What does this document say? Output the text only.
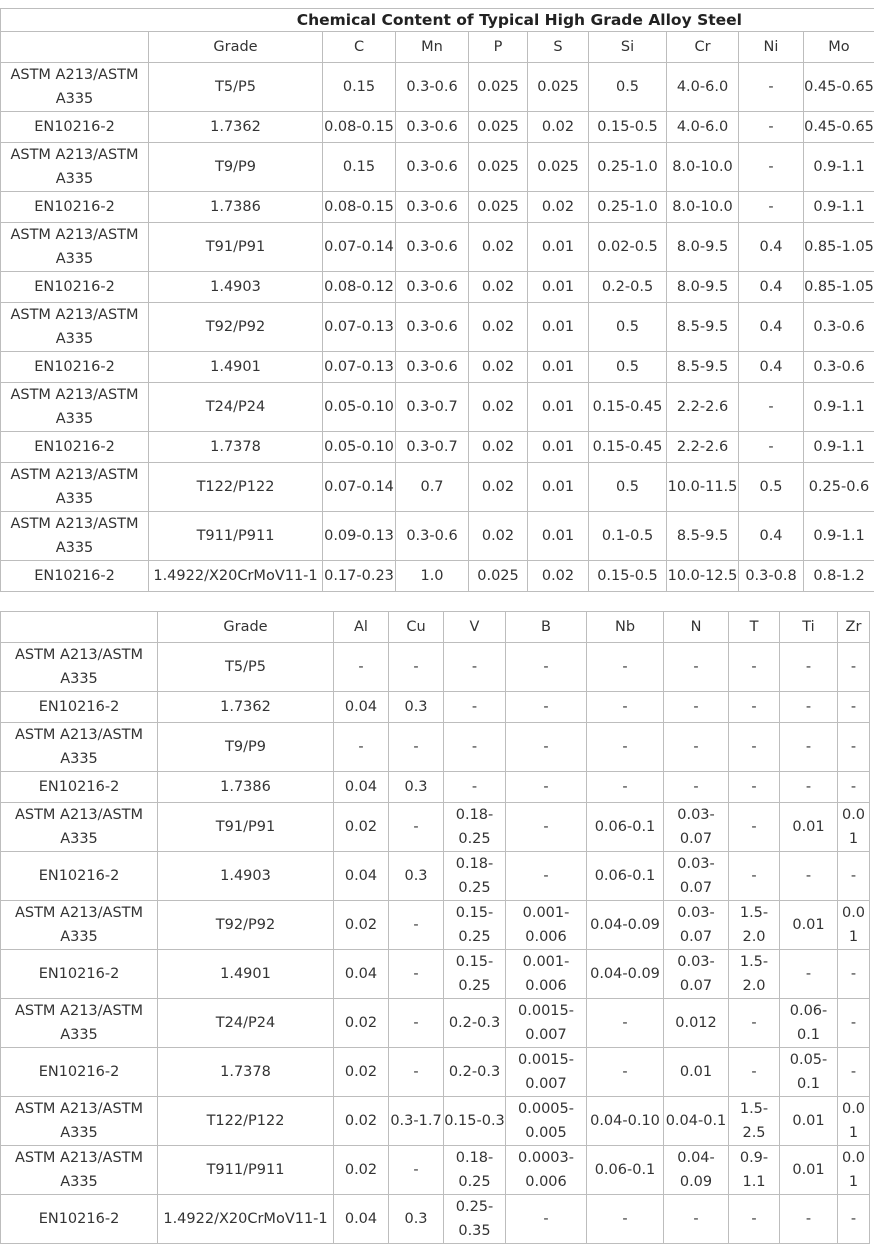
Chemical Content of Typical High Grade Alloy Steel									
	Grade	C	Mn	P	S	Si	Cr	Ni	Mo
ASTM A213/ASTM A335	T5/P5	0.15	0.3-0.6	0.025	0.025	0.5	4.0-6.0	-	0.45-0.65
EN10216-2	1.7362	0.08-0.15	0.3-0.6	0.025	0.02	0.15-0.5	4.0-6.0	-	0.45-0.65
ASTM A213/ASTM A335	T9/P9	0.15	0.3-0.6	0.025	0.025	0.25-1.0	8.0-10.0	-	0.9-1.1
EN10216-2	1.7386	0.08-0.15	0.3-0.6	0.025	0.02	0.25-1.0	8.0-10.0	-	0.9-1.1
ASTM A213/ASTM A335	T91/P91	0.07-0.14	0.3-0.6	0.02	0.01	0.02-0.5	8.0-9.5	0.4	0.85-1.05
EN10216-2	1.4903	0.08-0.12	0.3-0.6	0.02	0.01	0.2-0.5	8.0-9.5	0.4	0.85-1.05
ASTM A213/ASTM A335	T92/P92	0.07-0.13	0.3-0.6	0.02	0.01	0.5	8.5-9.5	0.4	0.3-0.6
EN10216-2	1.4901	0.07-0.13	0.3-0.6	0.02	0.01	0.5	8.5-9.5	0.4	0.3-0.6
ASTM A213/ASTM A335	T24/P24	0.05-0.10	0.3-0.7	0.02	0.01	0.15-0.45	2.2-2.6	-	0.9-1.1
EN10216-2	1.7378	0.05-0.10	0.3-0.7	0.02	0.01	0.15-0.45	2.2-2.6	-	0.9-1.1
ASTM A213/ASTM A335	T122/P122	0.07-0.14	0.7	0.02	0.01	0.5	10.0-11.5	0.5	0.25-0.6
ASTM A213/ASTM A335	T911/P911	0.09-0.13	0.3-0.6	0.02	0.01	0.1-0.5	8.5-9.5	0.4	0.9-1.1
EN10216-2	1.4922/X20CrMoV11-1	0.17-0.23	1.0	0.025	0.02	0.15-0.5	10.0-12.5	0.3-0.8	0.8-1.2
	Grade	Al	Cu	V	B	Nb	N	T	Ti	Zr
ASTM A213/ASTM A335	T5/P5	-	-	-	-	-	-	-	-	-
EN10216-2	1.7362	0.04	0.3	-	-	-	-	-	-	-
ASTM A213/ASTM A335	T9/P9	-	-	-	-	-	-	-	-	-
EN10216-2	1.7386	0.04	0.3	-	-	-	-	-	-	-
ASTM A213/ASTM A335	T91/P91	0.02	-	0.18-0.25	-	0.06-0.1	0.03-0.07	-	0.01	0.01
EN10216-2	1.4903	0.04	0.3	0.18-0.25	-	0.06-0.1	0.03-0.07	-	-	-
ASTM A213/ASTM A335	T92/P92	0.02	-	0.15-0.25	0.001-0.006	0.04-0.09	0.03-0.07	1.5-2.0	0.01	0.01
EN10216-2	1.4901	0.04	-	0.15-0.25	0.001-0.006	0.04-0.09	0.03-0.07	1.5-2.0	-	-
ASTM A213/ASTM A335	T24/P24	0.02	-	0.2-0.3	0.0015-0.007	-	0.012	-	0.06-0.1	-
EN10216-2	1.7378	0.02	-	0.2-0.3	0.0015-0.007	-	0.01	-	0.05-0.1	-
ASTM A213/ASTM A335	T122/P122	0.02	0.3-1.7	0.15-0.3	0.0005-0.005	0.04-0.10	0.04-0.1	1.5-2.5	0.01	0.01
ASTM A213/ASTM A335	T911/P911	0.02	-	0.18-0.25	0.0003-0.006	0.06-0.1	0.04-0.09	0.9-1.1	0.01	0.01
EN10216-2	1.4922/X20CrMoV11-1	0.04	0.3	0.25-0.35	-	-	-	-	-	-
